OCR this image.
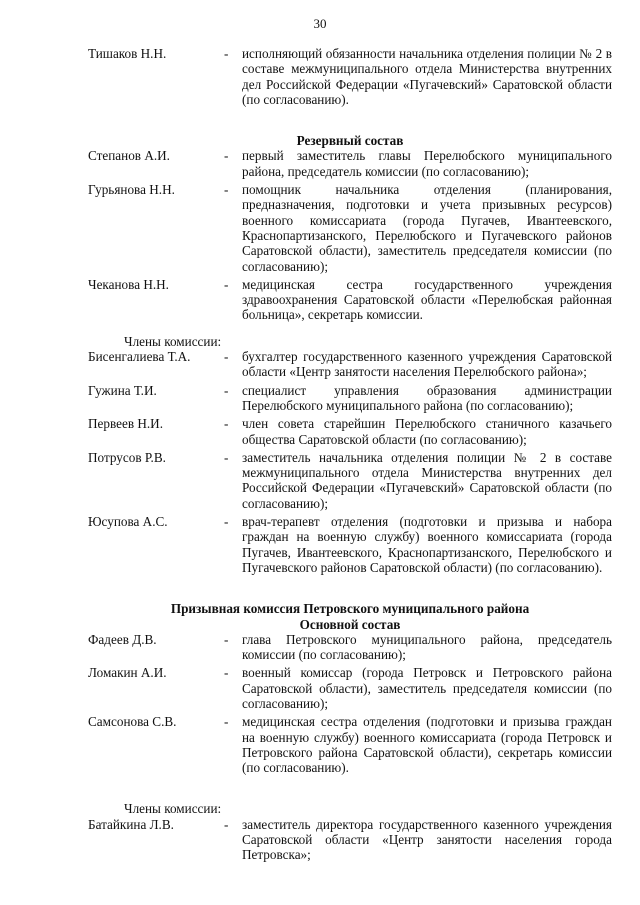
30
Тишаков Н.Н.	-	исполняющий обязанности начальника отделения полиции № 2 в составе межмуниципального отдела Министерства внутренних дел Российской Федерации «Пугачевский» Саратовской области (по согласованию).
Резервный состав
Степанов А.И.	-	первый заместитель главы Перелюбского муниципального района, председатель комиссии (по согласованию);
Гурьянова Н.Н.	-	помощник начальника отделения (планирования, предназначения, подготовки и учета призывных ресурсов) военного комиссариата (города Пугачев, Ивантеевского, Краснопартизанского, Перелюбского и Пугачевского районов Саратовской области), заместитель председателя комиссии (по согласованию);
Чеканова Н.Н.	-	медицинская сестра государственного учреждения здравоохранения Саратовской области «Перелюбская районная больница», секретарь комиссии.
Члены комиссии:
Бисенгалиева Т.А.	-	бухгалтер государственного казенного учреждения Саратовской области «Центр занятости населения Перелюбского района»;
Гужина Т.И.	-	специалист управления образования администрации Перелюбского муниципального района (по согласованию);
Первеев Н.И.	-	член совета старейшин Перелюбского станичного казачьего общества Саратовской области (по согласованию);
Потрусов Р.В.	-	заместитель начальника отделения полиции № 2 в составе межмуниципального отдела Министерства внутренних дел Российской Федерации «Пугачевский» Саратовской области (по согласованию);
Юсупова А.С.	-	врач-терапевт отделения (подготовки и призыва и набора граждан на военную службу) военного комиссариата (города Пугачев, Ивантеевского, Краснопартизанского, Перелюбского и Пугачевского районов Саратовской области) (по согласованию).
Призывная комиссия Петровского муниципального района
Основной состав
Фадеев Д.В.	-	глава Петровского муниципального района, председатель комиссии (по согласованию);
Ломакин А.И.	-	военный комиссар (города Петровск и Петровского района Саратовской области), заместитель председателя комиссии (по согласованию);
Самсонова С.В.	-	медицинская сестра отделения (подготовки и призыва граждан на военную службу) военного комиссариата (города Петровск и Петровского района Саратовской области), секретарь комиссии (по согласованию).
Члены комиссии:
Батайкина Л.В.	-	заместитель директора государственного казенного учреждения Саратовской области «Центр занятости населения города Петровска»;
